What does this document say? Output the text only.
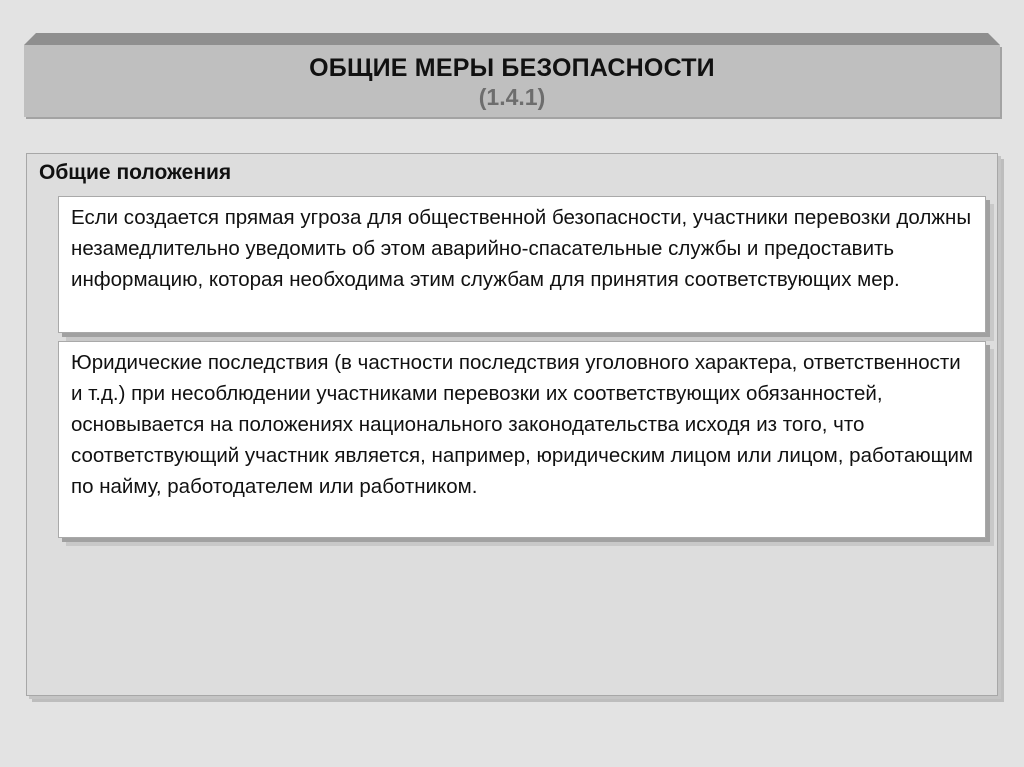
ОБЩИЕ МЕРЫ БЕЗОПАСНОСТИ
(1.4.1)
Общие положения
Если создается прямая угроза для общественной безопасности, участники перевозки должны незамедлительно уведомить об этом аварийно-спасательные службы и предоставить информацию, которая необходима этим службам для принятия соответствующих мер.
Юридические последствия (в частности последствия уголовного характера, ответственности и т.д.) при несоблюдении участниками перевозки их соответствующих обязанностей, основывается на положениях национального законодательства исходя из того, что соответствующий участник является, например, юридическим лицом или лицом, работающим по найму, работодателем или работником.
